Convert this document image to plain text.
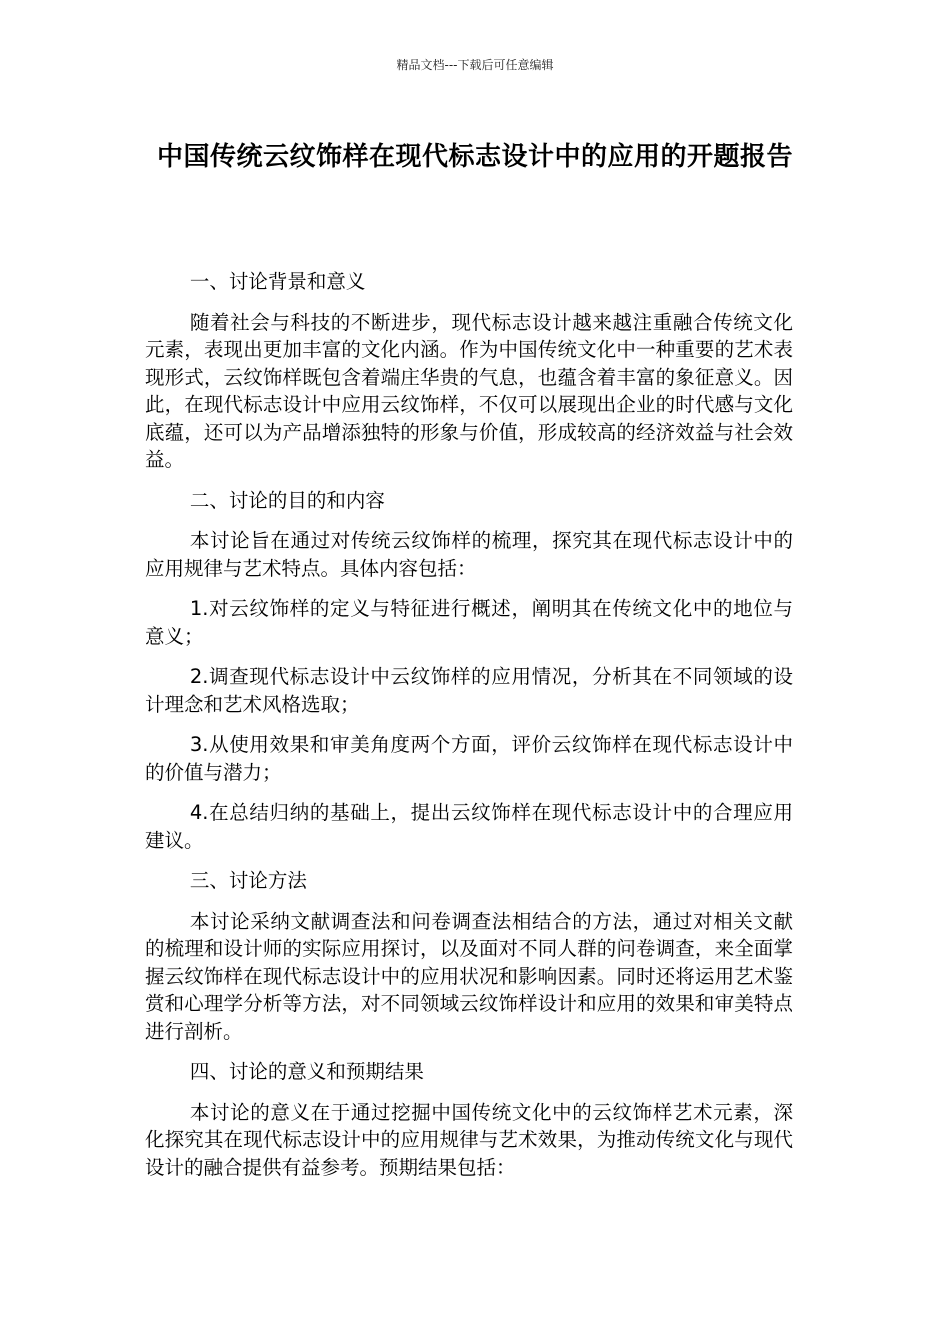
精品文档---下载后可任意编辑
中国传统云纹饰样在现代标志设计中的应用的开题报告

一、讨论背景和意义

随着社会与科技的不断进步，现代标志设计越来越注重融合传统文化元素，表现出更加丰富的文化内涵。作为中国传统文化中一种重要的艺术表现形式，云纹饰样既包含着端庄华贵的气息，也蕴含着丰富的象征意义。因此，在现代标志设计中应用云纹饰样，不仅可以展现出企业的时代感与文化底蕴，还可以为产品增添独特的形象与价值，形成较高的经济效益与社会效益。

二、讨论的目的和内容

本讨论旨在通过对传统云纹饰样的梳理，探究其在现代标志设计中的应用规律与艺术特点。具体内容包括：

1.对云纹饰样的定义与特征进行概述，阐明其在传统文化中的地位与意义；

2.调查现代标志设计中云纹饰样的应用情况，分析其在不同领域的设计理念和艺术风格选取；

3.从使用效果和审美角度两个方面，评价云纹饰样在现代标志设计中的价值与潜力；

4.在总结归纳的基础上，提出云纹饰样在现代标志设计中的合理应用建议。

三、讨论方法

本讨论采纳文献调查法和问卷调查法相结合的方法，通过对相关文献的梳理和设计师的实际应用探讨，以及面对不同人群的问卷调查，来全面掌握云纹饰样在现代标志设计中的应用状况和影响因素。同时还将运用艺术鉴赏和心理学分析等方法，对不同领域云纹饰样设计和应用的效果和审美特点进行剖析。

四、讨论的意义和预期结果

本讨论的意义在于通过挖掘中国传统文化中的云纹饰样艺术元素，深化探究其在现代标志设计中的应用规律与艺术效果，为推动传统文化与现代设计的融合提供有益参考。预期结果包括：
